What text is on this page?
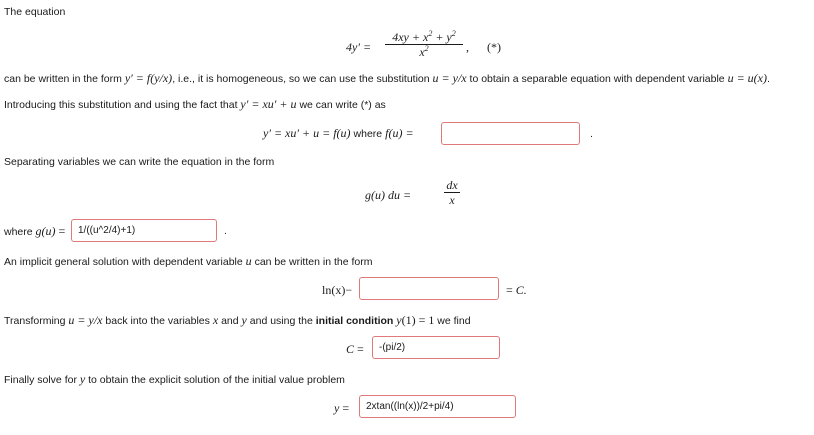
The equation
4y′ =
$4xy + x^2 + y^2$
$x^2$	, (*)
can be written in the form y′ = f(y/x), i.e., it is homogeneous, so we can use the substitution u = y/x to obtain a separable equation with dependent variable u = u(x).
Introducing this substitution and using the fact that y′ = xu′ + u we can write (*) as
y′ = xu′ + u = f(u) where f(u) =	.
Separating variables we can write the equation in the form
g(u) du =
dx
x
where g(u) =	1/((u^2/4)+1)	.
An implicit general solution with dependent variable u can be written in the form
ln(x)−	= C.
Transforming u = y/x back into the variables x and y and using the initial condition y(1) = 1 we find
C =	-(pi/2)
Finally solve for y to obtain the explicit solution of the initial value problem
y =	2xtan((ln(x))/2+pi/4)
